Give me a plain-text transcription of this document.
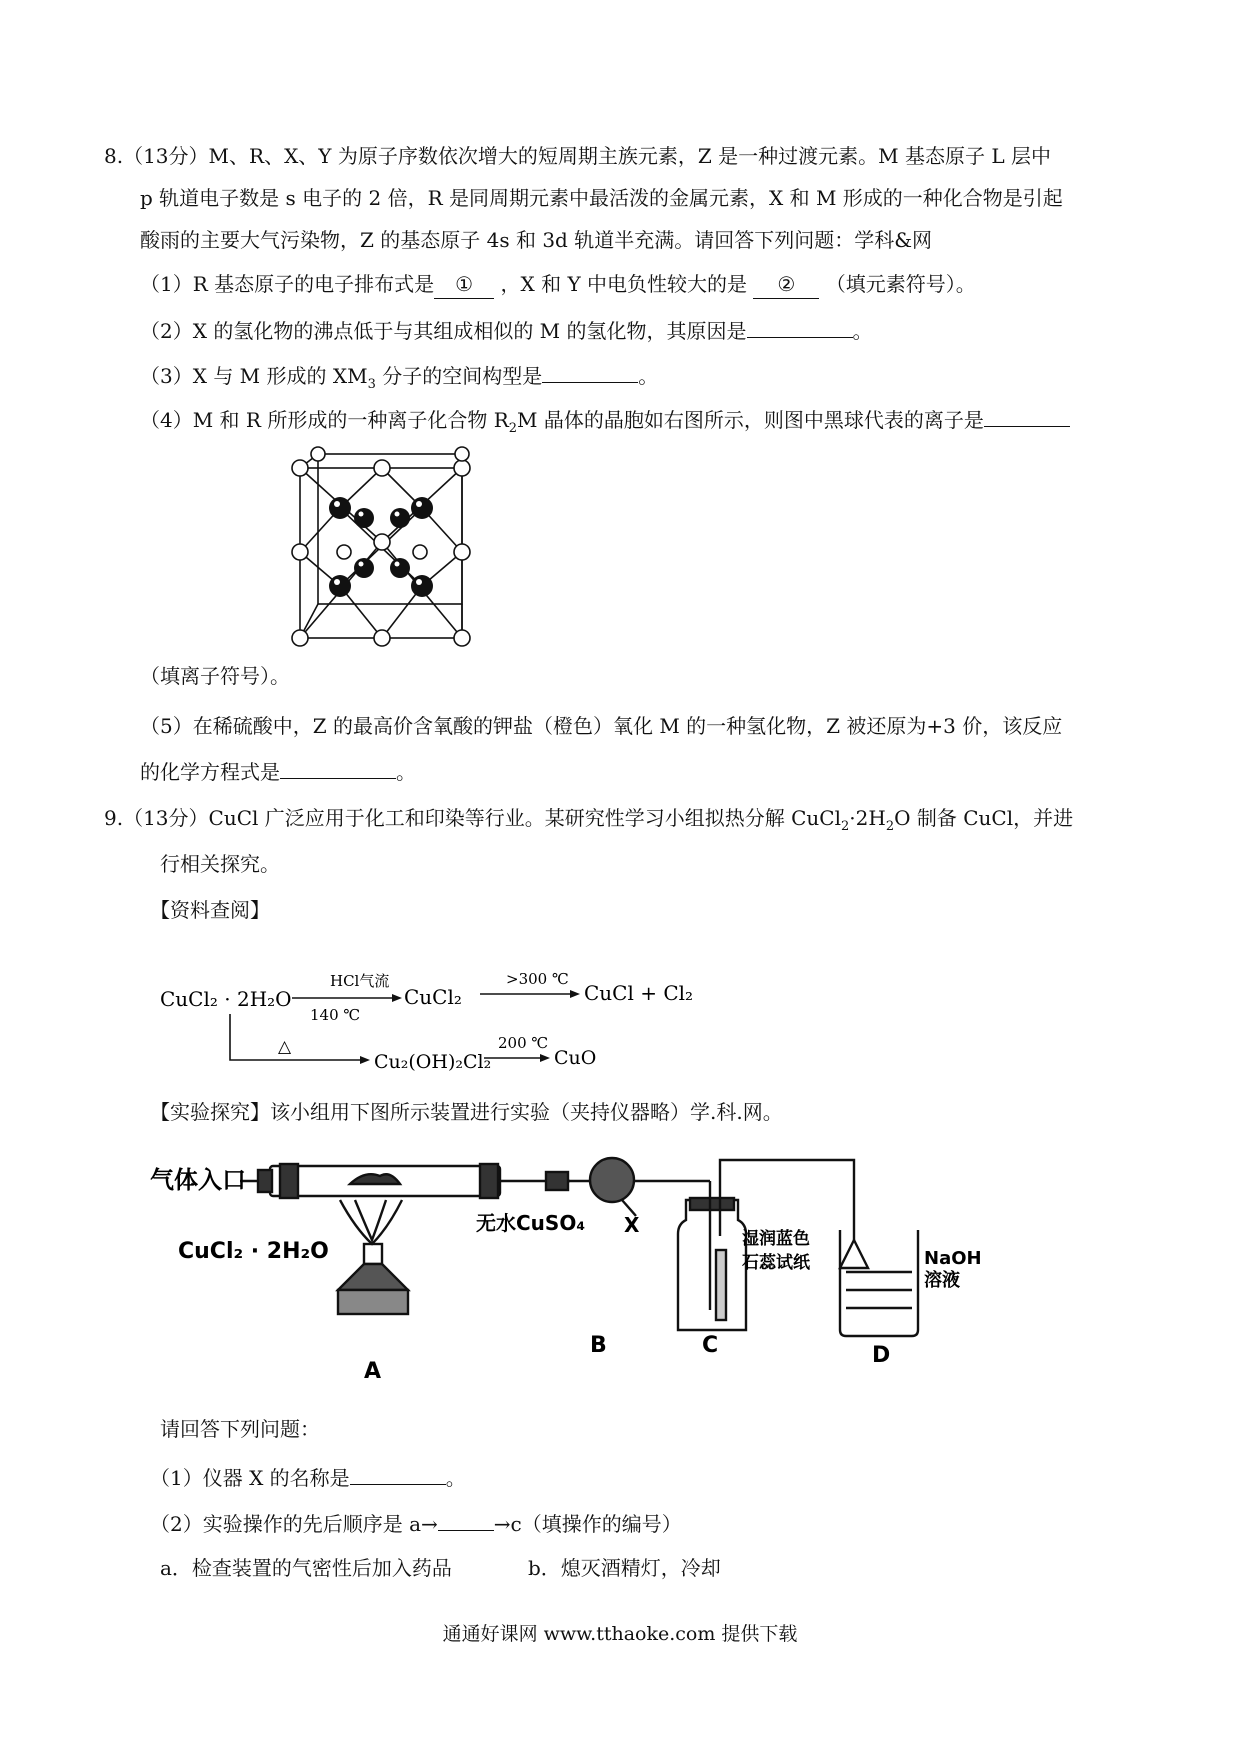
8.（13分）M、R、X、Y 为原子序数依次增大的短周期主族元素，Z 是一种过渡元素。M 基态原子 L 层中
p 轨道电子数是 s 电子的 2 倍，R 是同周期元素中最活泼的金属元素，X 和 M 形成的一种化合物是引起
酸雨的主要大气污染物，Z 的基态原子 4s 和 3d 轨道半充满。请回答下列问题：学科&网
（1）R 基态原子的电子排布式是 ① ，X 和 Y 中电负性较大的是 ② （填元素符号）。
（2）X 的氢化物的沸点低于与其组成相似的 M 的氢化物，其原因是	。
（3）X 与 M 形成的 $XM_3$ 分子的空间构型是	。
（4）M 和 R 所形成的一种离子化合物 $R_2M$ 晶体的晶胞如右图所示，则图中黑球代表的离子是
（填离子符号）。
（5）在稀硫酸中，Z 的最高价含氧酸的钾盐（橙色）氧化 M 的一种氢化物，Z 被还原为+3 价，该反应
的化学方程式是	。
9.（13分）CuCl 广泛应用于化工和印染等行业。某研究性学习小组拟热分解 $CuCl_2\cdot 2H_2O$ 制备 CuCl，并进
行相关探究。
【资料查阅】
CuCl₂ · 2H₂O
HCl气流
140 ℃
CuCl₂
>300 ℃
CuCl + Cl₂
△
Cu₂(OH)₂Cl₂
200 ℃
CuO
【实验探究】该小组用下图所示装置进行实验（夹持仪器略）学.科.网。
气体入口
CuCl₂ · 2H₂O
无水CuSO₄ X
湿润蓝色
石蕊试纸	NaOH
溶液
A
B	C	D
请回答下列问题：
（1）仪器 X 的名称是	。
（2）实验操作的先后顺序是 a→	→c（填操作的编号）
a．检查装置的气密性后加入药品	b．熄灭酒精灯，冷却
通通好课网 www.tthaoke.com 提供下载
